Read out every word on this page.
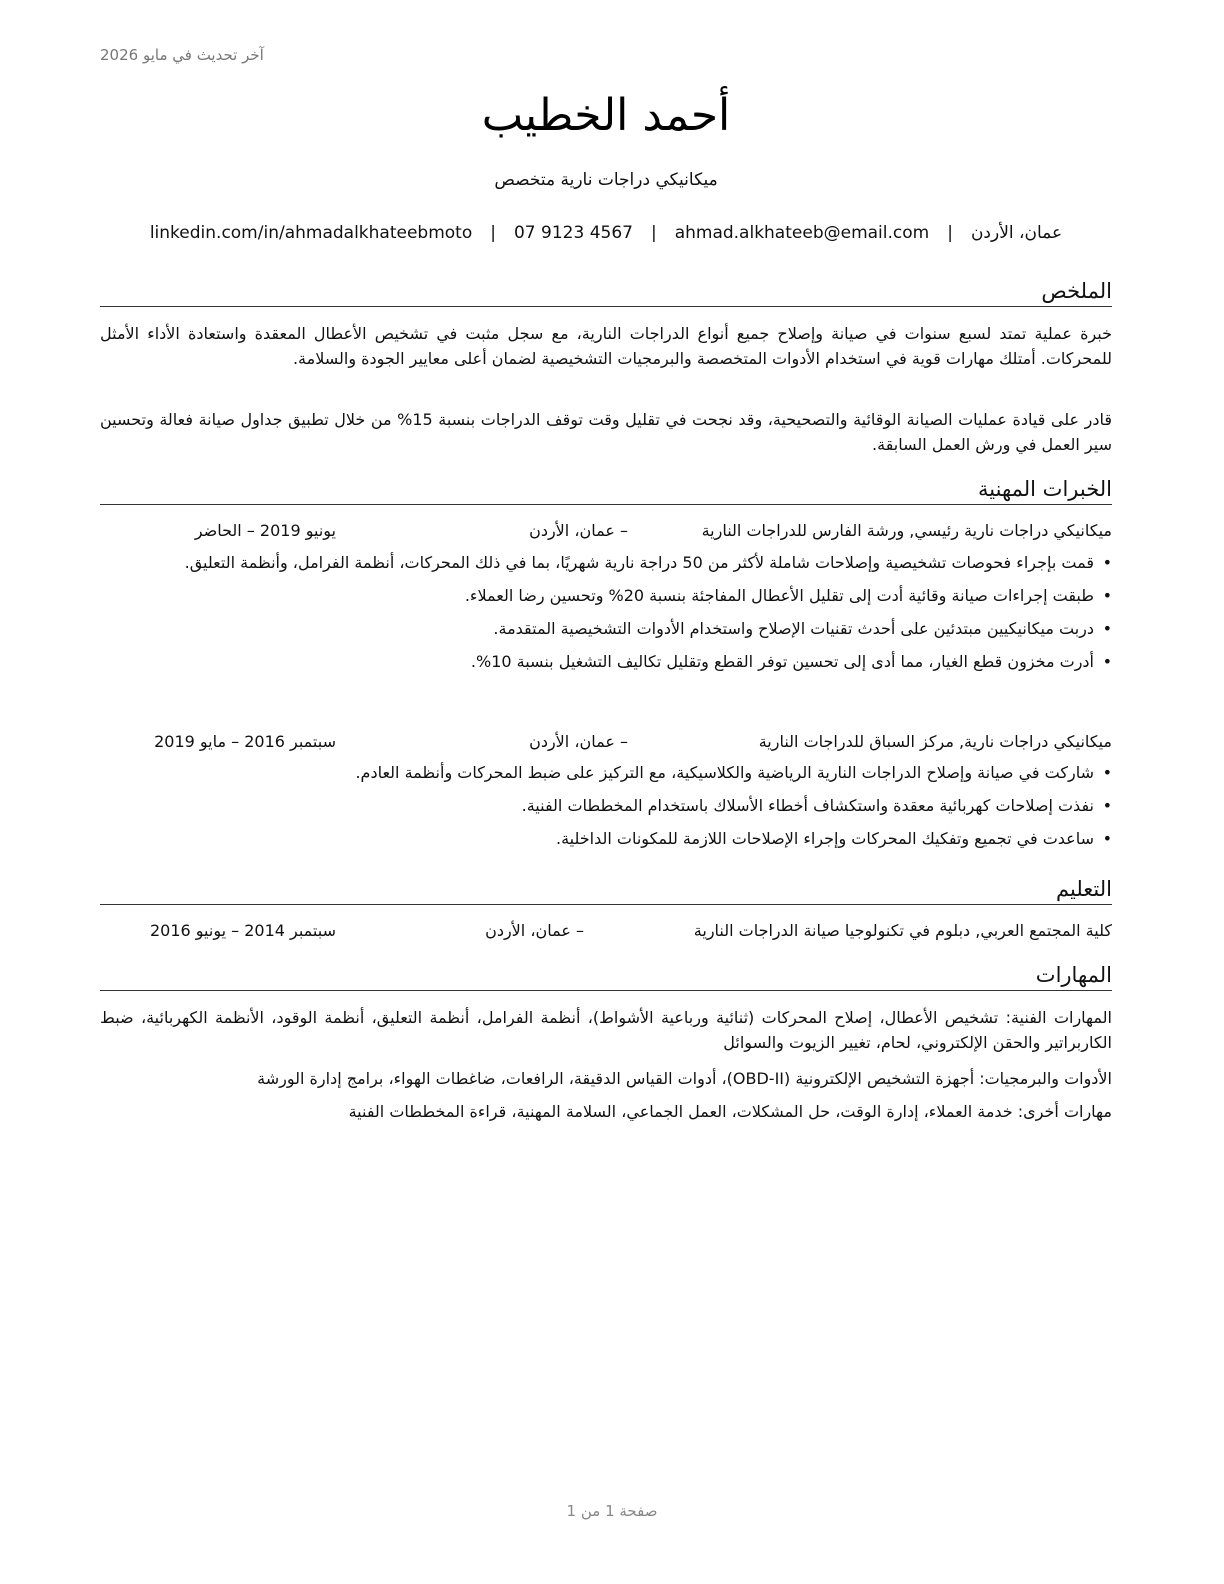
آخر تحديث في مايو 2026
أحمد الخطيب
ميكانيكي دراجات نارية متخصص
عمان، الأردن|ahmad.alkhateeb@email.com|07 9123 4567|linkedin.com/in/ahmadalkhateebmoto
الملخص
خبرة عملية تمتد لسبع سنوات في صيانة وإصلاح جميع أنواع الدراجات النارية، مع سجل مثبت في تشخيص الأعطال المعقدة واستعادة الأداء الأمثل للمحركات. أمتلك مهارات قوية في استخدام الأدوات المتخصصة والبرمجيات التشخيصية لضمان أعلى معايير الجودة والسلامة.
قادر على قيادة عمليات الصيانة الوقائية والتصحيحية، وقد نجحت في تقليل وقت توقف الدراجات بنسبة 15% من خلال تطبيق جداول صيانة فعالة وتحسين سير العمل في ورش العمل السابقة.
الخبرات المهنية
ميكانيكي دراجات نارية رئيسي, ورشة الفارس للدراجات النارية
– عمان، الأردن
يونيو 2019 – الحاضر
• قمت بإجراء فحوصات تشخيصية وإصلاحات شاملة لأكثر من 50 دراجة نارية شهريًا، بما في ذلك المحركات، أنظمة الفرامل، وأنظمة التعليق.
• طبقت إجراءات صيانة وقائية أدت إلى تقليل الأعطال المفاجئة بنسبة 20% وتحسين رضا العملاء.
• دربت ميكانيكيين مبتدئين على أحدث تقنيات الإصلاح واستخدام الأدوات التشخيصية المتقدمة.
• أدرت مخزون قطع الغيار، مما أدى إلى تحسين توفر القطع وتقليل تكاليف التشغيل بنسبة 10%.
ميكانيكي دراجات نارية, مركز السباق للدراجات النارية
– عمان، الأردن
سبتمبر 2016 – مايو 2019
• شاركت في صيانة وإصلاح الدراجات النارية الرياضية والكلاسيكية، مع التركيز على ضبط المحركات وأنظمة العادم.
• نفذت إصلاحات كهربائية معقدة واستكشاف أخطاء الأسلاك باستخدام المخططات الفنية.
• ساعدت في تجميع وتفكيك المحركات وإجراء الإصلاحات اللازمة للمكونات الداخلية.
التعليم
كلية المجتمع العربي, دبلوم في تكنولوجيا صيانة الدراجات النارية
– عمان، الأردن
سبتمبر 2014 – يونيو 2016
المهارات
المهارات الفنية: تشخيص الأعطال، إصلاح المحركات (ثنائية ورباعية الأشواط)، أنظمة الفرامل، أنظمة التعليق، أنظمة الوقود، الأنظمة الكهربائية، ضبط الكاربراتير والحقن الإلكتروني، لحام، تغيير الزيوت والسوائل
الأدوات والبرمجيات: أجهزة التشخيص الإلكترونية (OBD-II)، أدوات القياس الدقيقة، الرافعات، ضاغطات الهواء، برامج إدارة الورشة
مهارات أخرى: خدمة العملاء، إدارة الوقت، حل المشكلات، العمل الجماعي، السلامة المهنية، قراءة المخططات الفنية
صفحة 1 من 1
